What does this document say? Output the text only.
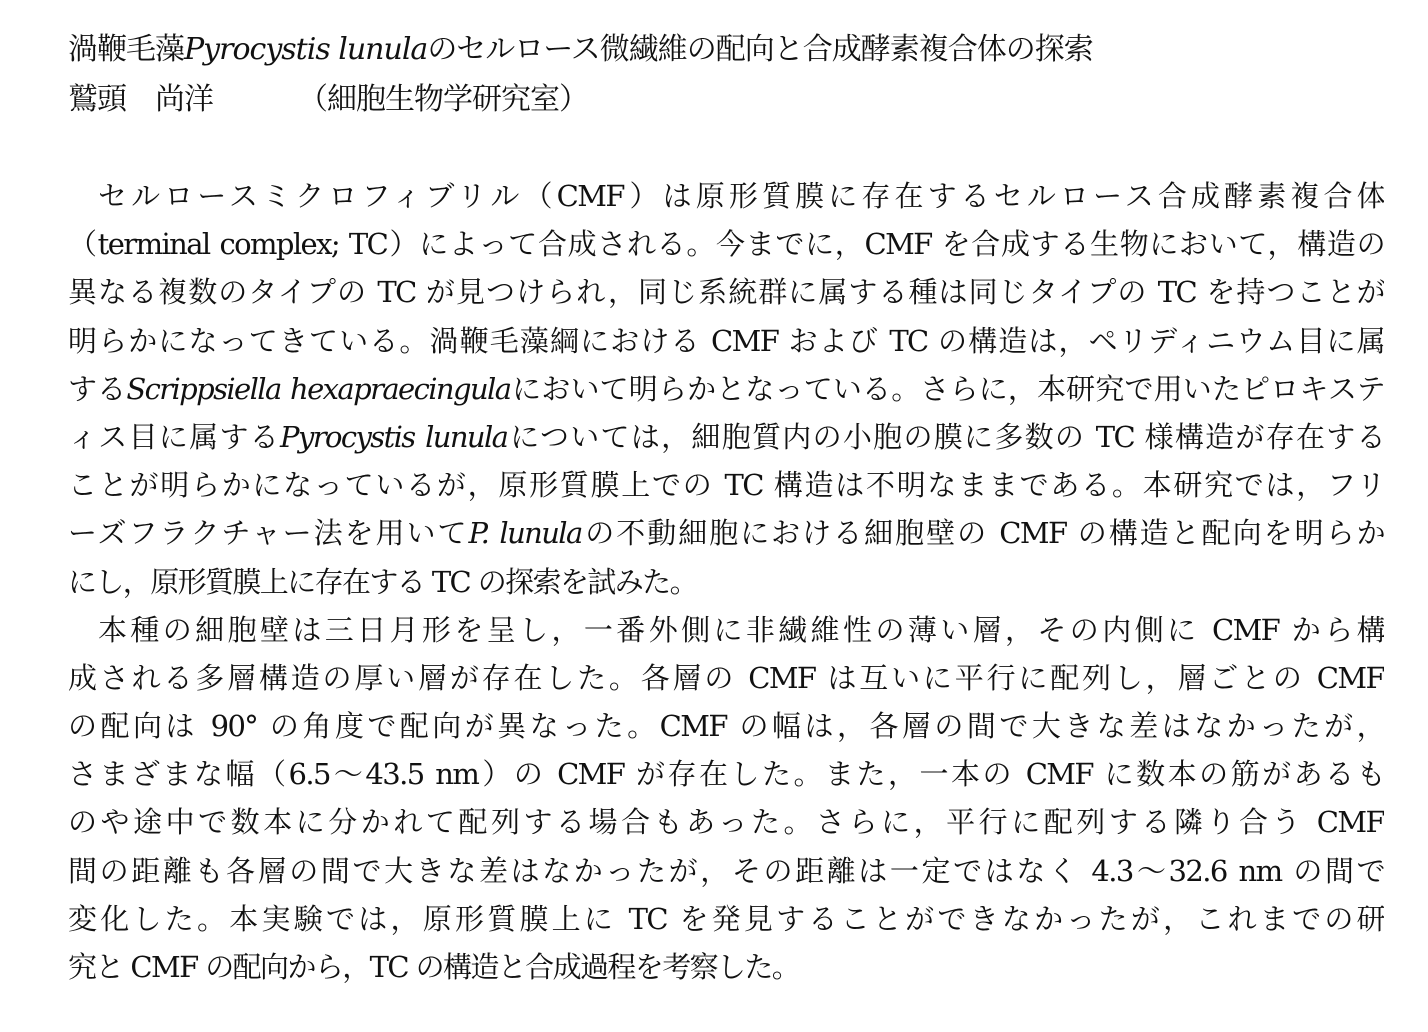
渦鞭毛藻Pyrocystis lunulaのセルロース微繊維の配向と合成酵素複合体の探索
鷲頭　尚洋	（細胞生物学研究室）
セルロースミクロフィブリル（CMF）は原形質膜に存在するセルロース合成酵素複合体
（terminal complex; TC）によって合成される。今までに，CMF を合成する生物において，構造の
異なる複数のタイプの TC が見つけられ，同じ系統群に属する種は同じタイプの TC を持つことが
明らかになってきている。渦鞭毛藻綱における CMF および TC の構造は，ペリディニウム目に属
するScrippsiella hexapraecingulaにおいて明らかとなっている。さらに，本研究で用いたピロキステ
ィス目に属するPyrocystis lunulaについては，細胞質内の小胞の膜に多数の TC 様構造が存在する
ことが明らかになっているが，原形質膜上での TC 構造は不明なままである。本研究では，フリ
ーズフラクチャー法を用いてP. lunulaの不動細胞における細胞壁の CMF の構造と配向を明らか
にし，原形質膜上に存在する TC の探索を試みた。
本種の細胞壁は三日月形を呈し，一番外側に非繊維性の薄い層，その内側に CMF から構
成される多層構造の厚い層が存在した。各層の CMF は互いに平行に配列し，層ごとの CMF
の配向は 90° の角度で配向が異なった。CMF の幅は，各層の間で大きな差はなかったが，
さまざまな幅（6.5〜43.5 nm）の CMF が存在した。また，一本の CMF に数本の筋があるも
のや途中で数本に分かれて配列する場合もあった。さらに，平行に配列する隣り合う CMF
間の距離も各層の間で大きな差はなかったが，その距離は一定ではなく 4.3〜32.6 nm の間で
変化した。本実験では，原形質膜上に TC を発見することができなかったが，これまでの研
究と CMF の配向から，TC の構造と合成過程を考察した。
